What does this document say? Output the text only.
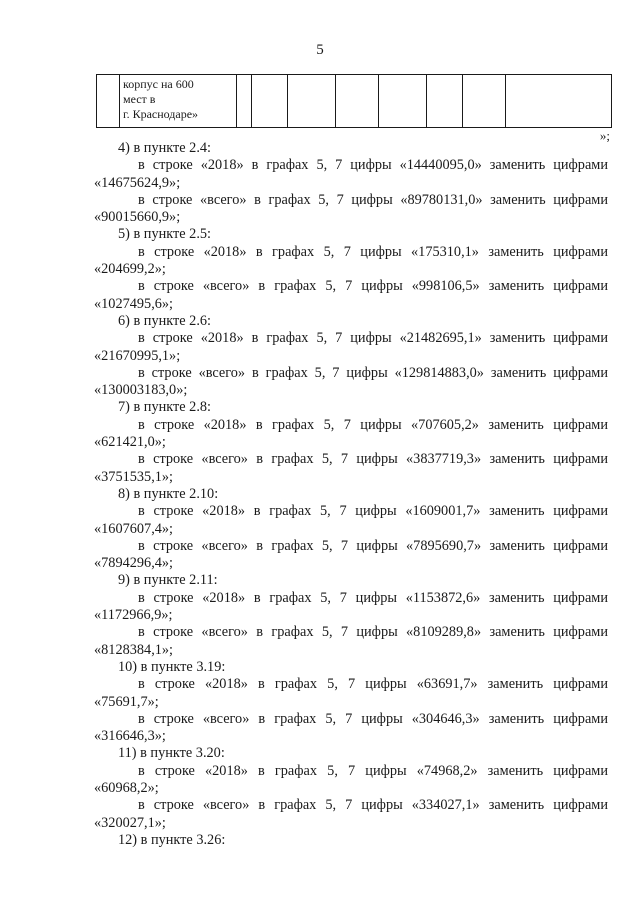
5

корпус на 600
мест в
г. Краснодаре»

»;
4) в пункте 2.4:
в строке «2018» в графах 5, 7 цифры «14440095,0» заменить цифрами
«14675624,9»;
в строке «всего» в графах 5, 7 цифры «89780131,0» заменить цифрами
«90015660,9»;
5) в пункте 2.5:
в строке «2018» в графах 5, 7 цифры «175310,1» заменить цифрами
«204699,2»;
в строке «всего» в графах 5, 7 цифры «998106,5» заменить цифрами
«1027495,6»;
6) в пункте 2.6:
в строке «2018» в графах 5, 7 цифры «21482695,1» заменить цифрами
«21670995,1»;
в строке «всего» в графах 5, 7 цифры «129814883,0» заменить цифрами
«130003183,0»;
7) в пункте 2.8:
в строке «2018» в графах 5, 7 цифры «707605,2» заменить цифрами
«621421,0»;
в строке «всего» в графах 5, 7 цифры «3837719,3» заменить цифрами
«3751535,1»;
8) в пункте 2.10:
в строке «2018» в графах 5, 7 цифры «1609001,7» заменить цифрами
«1607607,4»;
в строке «всего» в графах 5, 7 цифры «7895690,7» заменить цифрами
«7894296,4»;
9) в пункте 2.11:
в строке «2018» в графах 5, 7 цифры «1153872,6» заменить цифрами
«1172966,9»;
в строке «всего» в графах 5, 7 цифры «8109289,8» заменить цифрами
«8128384,1»;
10) в пункте 3.19:
в строке «2018» в графах 5, 7 цифры «63691,7» заменить цифрами
«75691,7»;
в строке «всего» в графах 5, 7 цифры «304646,3» заменить цифрами
«316646,3»;
11) в пункте 3.20:
в строке «2018» в графах 5, 7 цифры «74968,2» заменить цифрами
«60968,2»;
в строке «всего» в графах 5, 7 цифры «334027,1» заменить цифрами
«320027,1»;
12) в пункте 3.26:
